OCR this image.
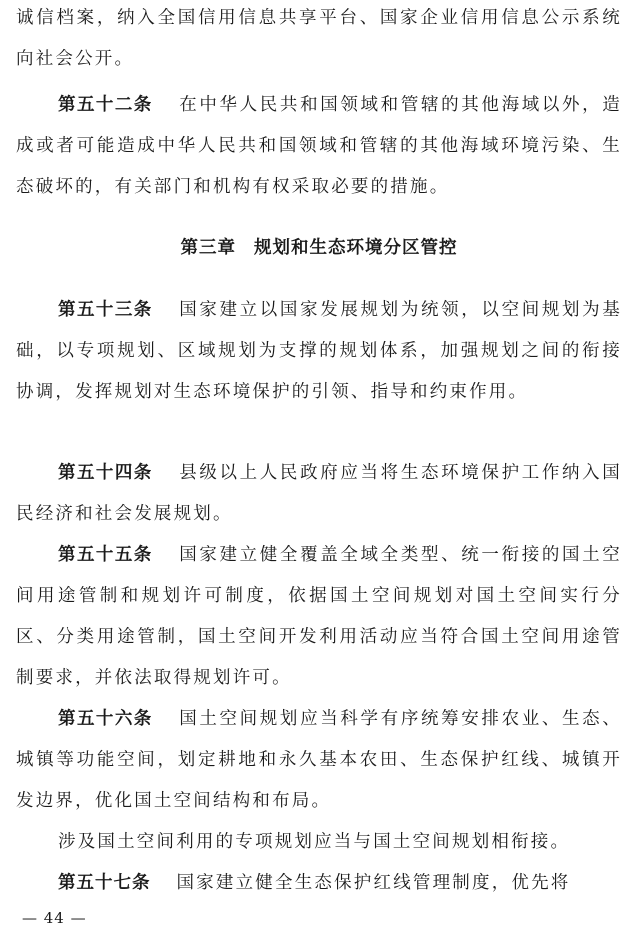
诚信档案，纳入全国信用信息共享平台、国家企业信用信息公示系统向社会公开。

第五十二条 在中华人民共和国领域和管辖的其他海域以外，造成或者可能造成中华人民共和国领域和管辖的其他海域环境污染、生态破坏的，有关部门和机构有权采取必要的措施。

第三章 规划和生态环境分区管控

第五十三条 国家建立以国家发展规划为统领，以空间规划为基础，以专项规划、区域规划为支撑的规划体系，加强规划之间的衔接协调，发挥规划对生态环境保护的引领、指导和约束作用。

第五十四条 县级以上人民政府应当将生态环境保护工作纳入国民经济和社会发展规划。

第五十五条 国家建立健全覆盖全域全类型、统一衔接的国土空间用途管制和规划许可制度，依据国土空间规划对国土空间实行分区、分类用途管制，国土空间开发利用活动应当符合国土空间用途管制要求，并依法取得规划许可。

第五十六条 国土空间规划应当科学有序统筹安排农业、生态、城镇等功能空间，划定耕地和永久基本农田、生态保护红线、城镇开发边界，优化国土空间结构和布局。

涉及国土空间利用的专项规划应当与国土空间规划相衔接。

第五十七条 国家建立健全生态保护红线管理制度，优先将

— 44 —
